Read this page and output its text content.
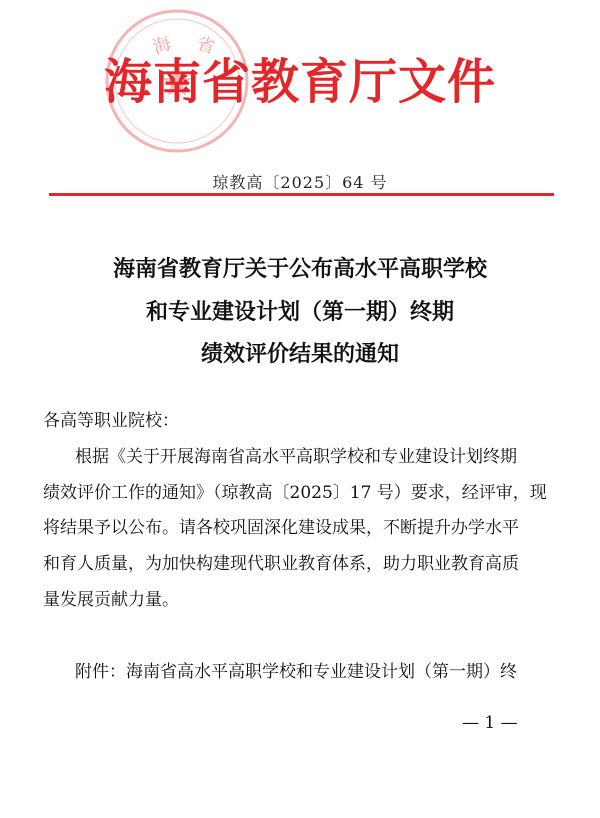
海 省
海南省教育厅文件
琼教高〔2025〕64 号
海南省教育厅关于公布高水平高职学校
和专业建设计划（第一期）终期
绩效评价结果的通知
各高等职业院校：
根据《关于开展海南省高水平高职学校和专业建设计划终期
绩效评价工作的通知》（琼教高〔2025〕17 号）要求，经评审，现
将结果予以公布。请各校巩固深化建设成果，不断提升办学水平
和育人质量，为加快构建现代职业教育体系，助力职业教育高质
量发展贡献力量。
附件：海南省高水平高职学校和专业建设计划（第一期）终
— 1 —
